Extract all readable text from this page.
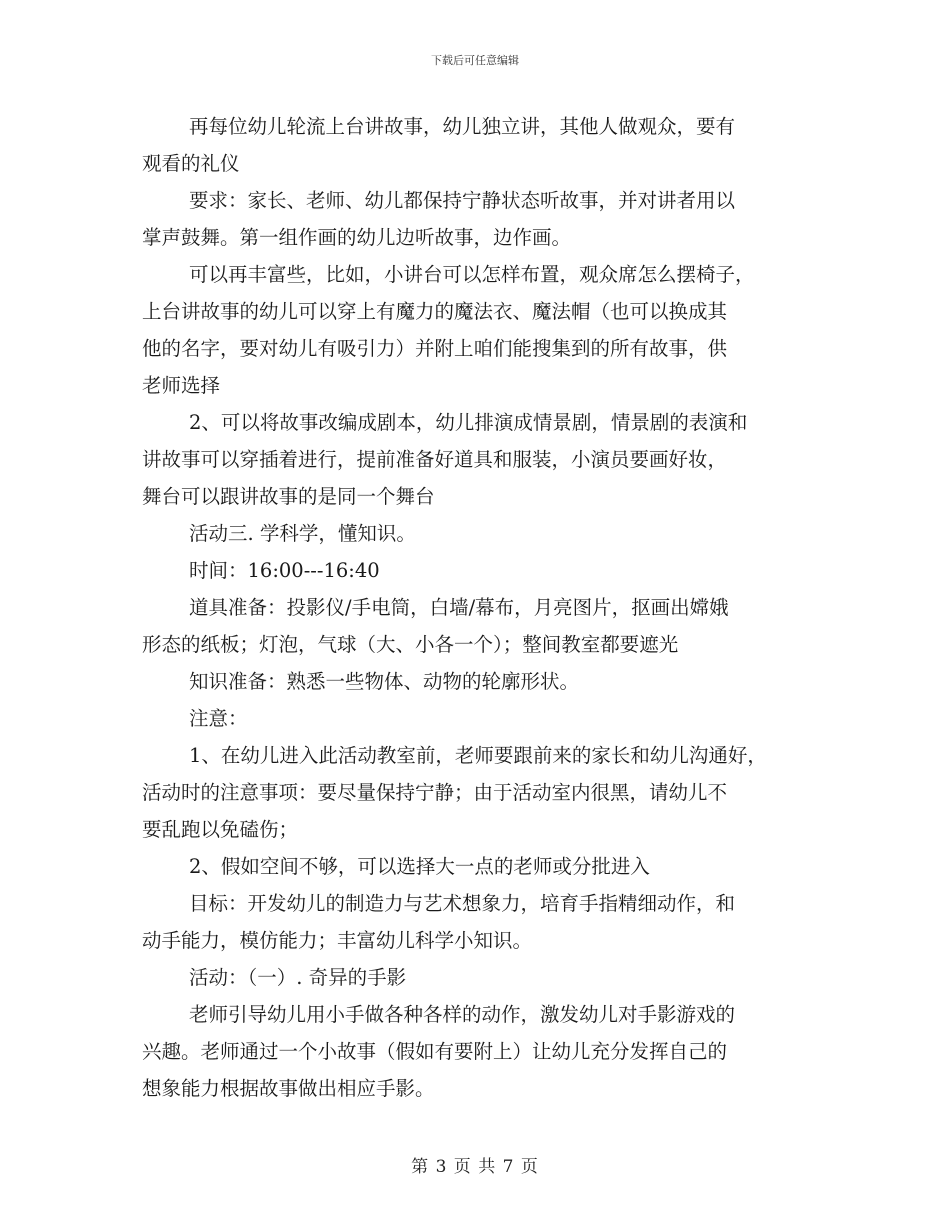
下载后可任意编辑

再每位幼儿轮流上台讲故事，幼儿独立讲，其他人做观众，要有
观看的礼仪

要求：家长、老师、幼儿都保持宁静状态听故事，并对讲者用以
掌声鼓舞。第一组作画的幼儿边听故事，边作画。

可以再丰富些，比如，小讲台可以怎样布置，观众席怎么摆椅子，
上台讲故事的幼儿可以穿上有魔力的魔法衣、魔法帽（也可以换成其
他的名字，要对幼儿有吸引力）并附上咱们能搜集到的所有故事，供
老师选择

2、可以将故事改编成剧本，幼儿排演成情景剧，情景剧的表演和
讲故事可以穿插着进行，提前准备好道具和服装，小演员要画好妆，
舞台可以跟讲故事的是同一个舞台

活动三. 学科学，懂知识。

时间：16:00---16:40

道具准备：投影仪/手电筒，白墙/幕布，月亮图片，抠画出嫦娥
形态的纸板；灯泡，气球（大、小各一个）；整间教室都要遮光

知识准备：熟悉一些物体、动物的轮廓形状。

注意：

1、在幼儿进入此活动教室前，老师要跟前来的家长和幼儿沟通好，
活动时的注意事项：要尽量保持宁静；由于活动室内很黑，请幼儿不
要乱跑以免磕伤；

2、假如空间不够，可以选择大一点的老师或分批进入

目标：开发幼儿的制造力与艺术想象力，培育手指精细动作，和
动手能力，模仿能力；丰富幼儿科学小知识。

活动：（一）. 奇异的手影

老师引导幼儿用小手做各种各样的动作，激发幼儿对手影游戏的
兴趣。老师通过一个小故事（假如有要附上）让幼儿充分发挥自己的
想象能力根据故事做出相应手影。

第 3 页 共 7 页
